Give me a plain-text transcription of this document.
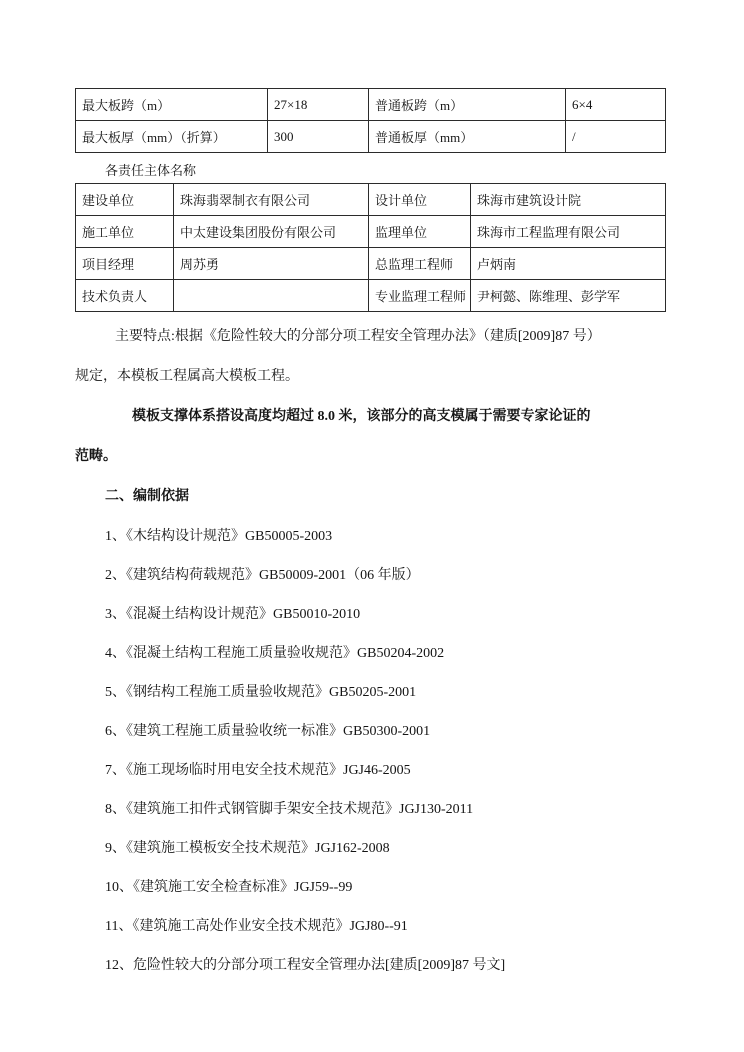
最大板跨（m）	27×18	普通板跨（m）	6×4
最大板厚（mm）（折算）	300	普通板厚（mm）	/
各责任主体名称
建设单位	珠海翡翠制衣有限公司	设计单位	珠海市建筑设计院
施工单位	中太建设集团股份有限公司	监理单位	珠海市工程监理有限公司
项目经理	周苏勇	总监理工程师	卢炳南
技术负责人		专业监理工程师	尹柯懿、陈维理、彭学军
主要特点:根据《危险性较大的分部分项工程安全管理办法》（建质[2009]87 号）
规定，本模板工程属高大模板工程。
模板支撑体系搭设高度均超过 8.0 米，该部分的高支模属于需要专家论证的
范畴。
二、编制依据
1、《木结构设计规范》GB50005-2003
2、《建筑结构荷载规范》GB50009-2001（06 年版）
3、《混凝土结构设计规范》GB50010-2010
4、《混凝土结构工程施工质量验收规范》GB50204-2002
5、《钢结构工程施工质量验收规范》GB50205-2001
6、《建筑工程施工质量验收统一标准》GB50300-2001
7、《施工现场临时用电安全技术规范》JGJ46-2005
8、《建筑施工扣件式钢管脚手架安全技术规范》JGJ130-2011
9、《建筑施工模板安全技术规范》JGJ162-2008
10、《建筑施工安全检查标准》JGJ59--99
11、《建筑施工高处作业安全技术规范》JGJ80--91
12、危险性较大的分部分项工程安全管理办法[建质[2009]87 号文]
